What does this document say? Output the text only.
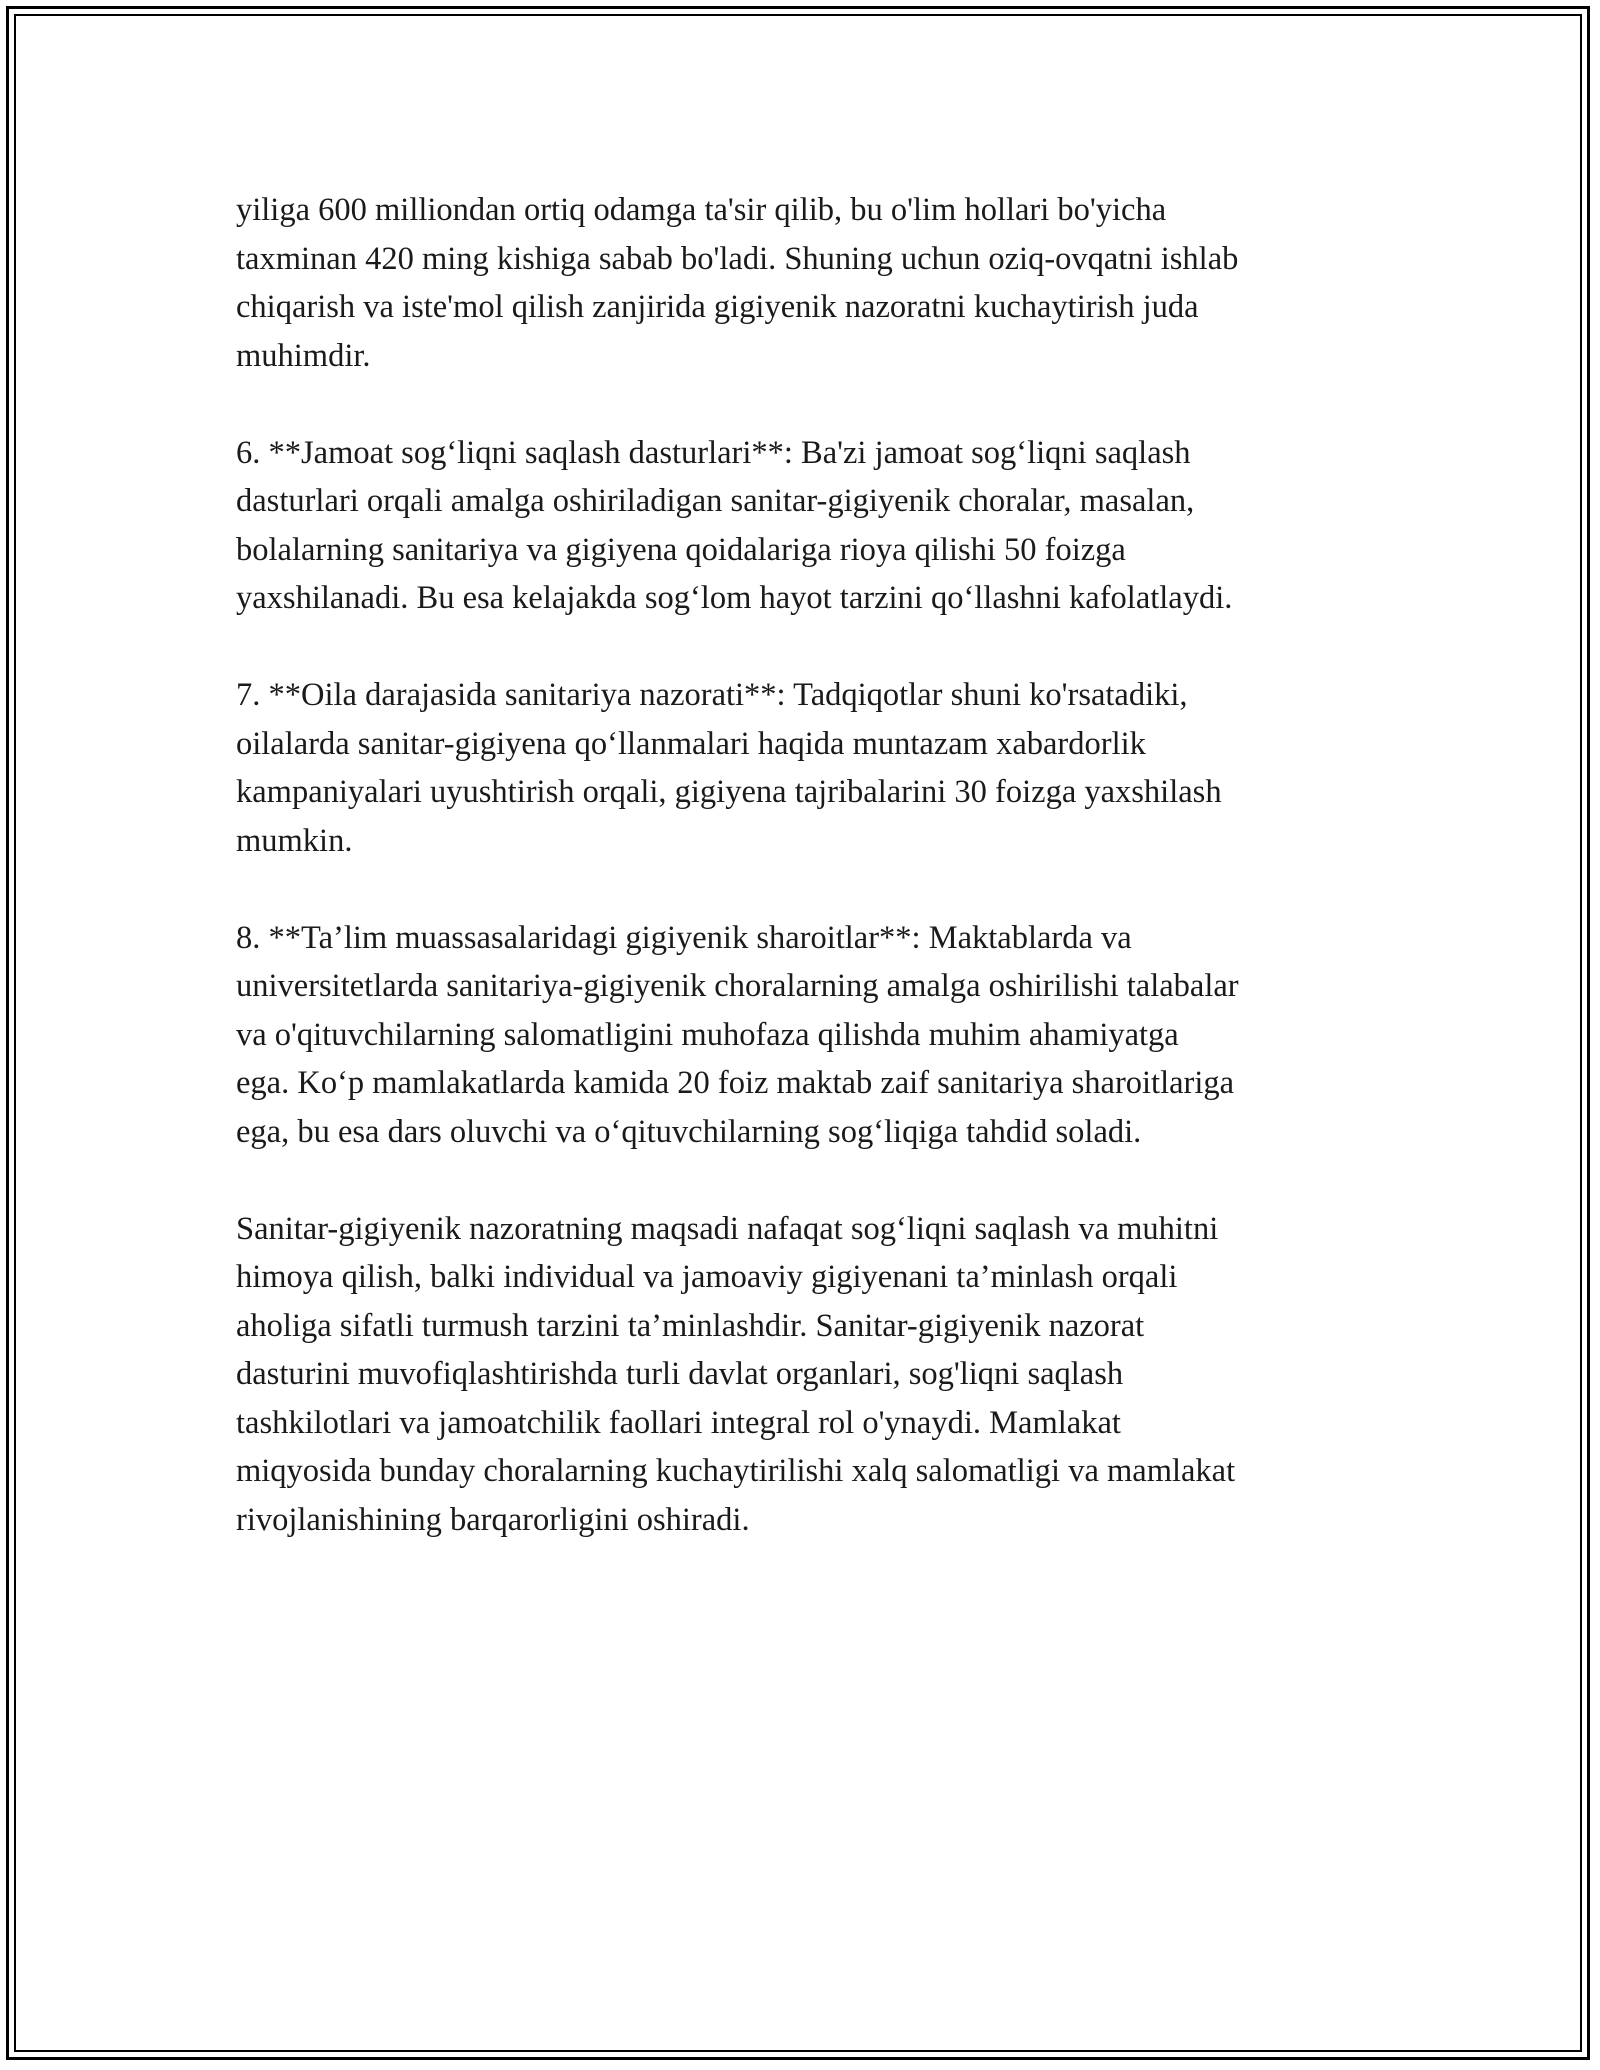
yiliga 600 milliondan ortiq odamga ta'sir qilib, bu o'lim hollari bo'yicha
taxminan 420 ming kishiga sabab bo'ladi. Shuning uchun oziq-ovqatni ishlab
chiqarish va iste'mol qilish zanjirida gigiyenik nazoratni kuchaytirish juda
muhimdir.

6. **Jamoat sog‘liqni saqlash dasturlari**: Ba'zi jamoat sog‘liqni saqlash
dasturlari orqali amalga oshiriladigan sanitar-gigiyenik choralar, masalan,
bolalarning sanitariya va gigiyena qoidalariga rioya qilishi 50 foizga
yaxshilanadi. Bu esa kelajakda sog‘lom hayot tarzini qo‘llashni kafolatlaydi.

7. **Oila darajasida sanitariya nazorati**: Tadqiqotlar shuni ko'rsatadiki,
oilalarda sanitar-gigiyena qo‘llanmalari haqida muntazam xabardorlik
kampaniyalari uyushtirish orqali, gigiyena tajribalarini 30 foizga yaxshilash
mumkin.

8. **Ta’lim muassasalaridagi gigiyenik sharoitlar**: Maktablarda va
universitetlarda sanitariya-gigiyenik choralarning amalga oshirilishi talabalar
va o'qituvchilarning salomatligini muhofaza qilishda muhim ahamiyatga
ega. Ko‘p mamlakatlarda kamida 20 foiz maktab zaif sanitariya sharoitlariga
ega, bu esa dars oluvchi va o‘qituvchilarning sog‘liqiga tahdid soladi.

Sanitar-gigiyenik nazoratning maqsadi nafaqat sog‘liqni saqlash va muhitni
himoya qilish, balki individual va jamoaviy gigiyenani ta’minlash orqali
aholiga sifatli turmush tarzini ta’minlashdir. Sanitar-gigiyenik nazorat
dasturini muvofiqlashtirishda turli davlat organlari, sog'liqni saqlash
tashkilotlari va jamoatchilik faollari integral rol o'ynaydi. Mamlakat
miqyosida bunday choralarning kuchaytirilishi xalq salomatligi va mamlakat
rivojlanishining barqarorligini oshiradi.
